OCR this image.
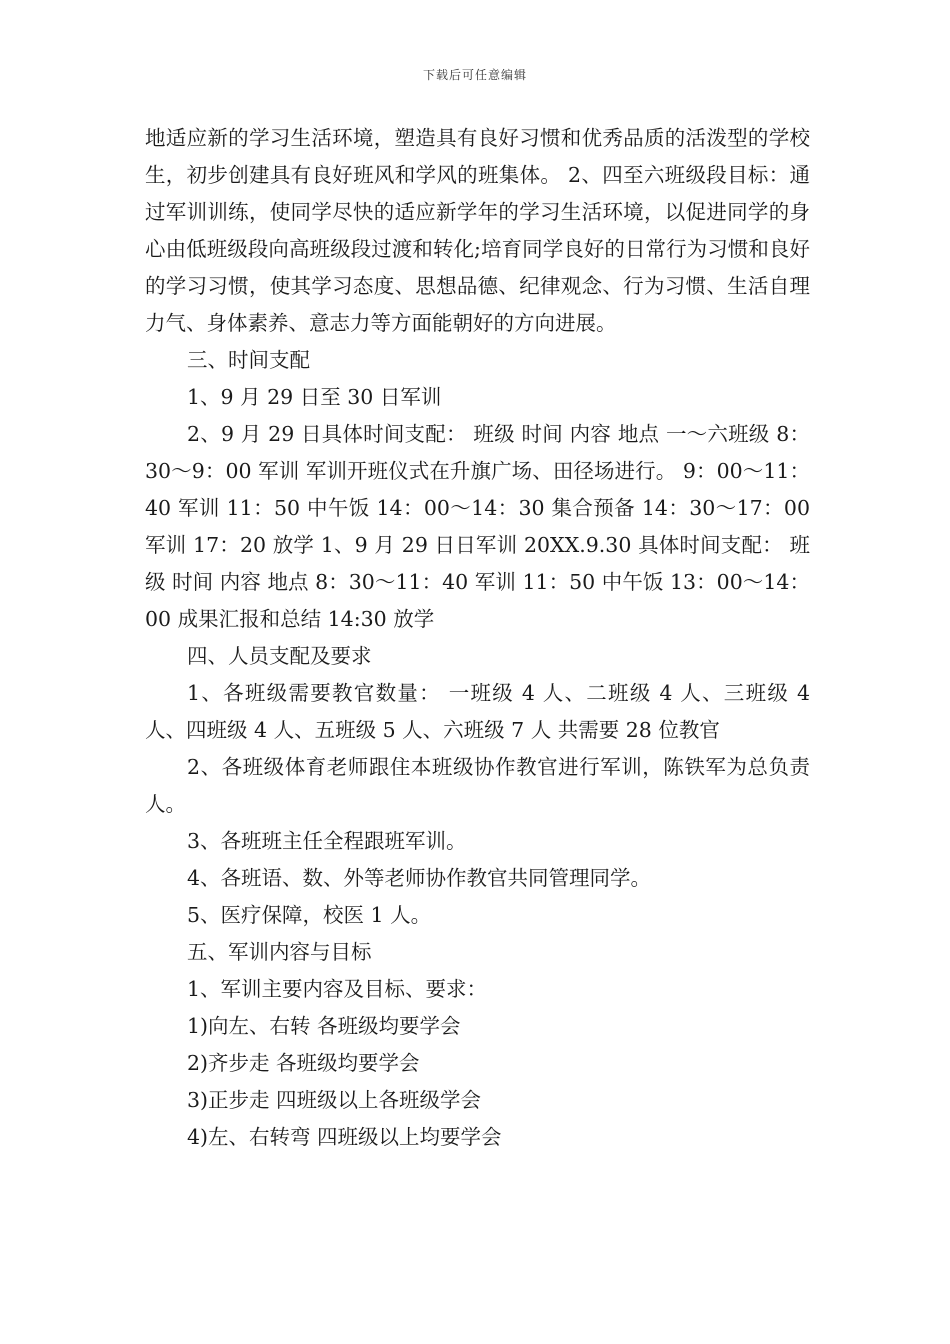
下载后可任意编辑

地适应新的学习生活环境，塑造具有良好习惯和优秀品质的活泼型的学校生，初步创建具有良好班风和学风的班集体。 2、四至六班级段目标：通过军训训练，使同学尽快的适应新学年的学习生活环境，以促进同学的身心由低班级段向高班级段过渡和转化;培育同学良好的日常行为习惯和良好的学习习惯，使其学习态度、思想品德、纪律观念、行为习惯、生活自理力气、身体素养、意志力等方面能朝好的方向进展。

三、时间支配

1、9 月 29 日至 30 日军训

2、9 月 29 日具体时间支配： 班级 时间 内容 地点 一～六班级 8：30～9：00 军训 军训开班仪式在升旗广场、田径场进行。 9：00～11：40 军训 11：50 中午饭 14：00～14：30 集合预备 14：30～17：00 军训 17：20 放学 1、9 月 29 日日军训 20XX.9.30 具体时间支配： 班级 时间 内容 地点 8：30～11：40 军训 11：50 中午饭 13：00～14：00 成果汇报和总结 14:30 放学

四、人员支配及要求

1、各班级需要教官数量： 一班级 4 人、二班级 4 人、三班级 4 人、四班级 4 人、五班级 5 人、六班级 7 人 共需要 28 位教官

2、各班级体育老师跟住本班级协作教官进行军训，陈铁军为总负责人。

3、各班班主任全程跟班军训。

4、各班语、数、外等老师协作教官共同管理同学。

5、医疗保障，校医 1 人。

五、军训内容与目标

1、军训主要内容及目标、要求：

1)向左、右转 各班级均要学会

2)齐步走 各班级均要学会

3)正步走 四班级以上各班级学会

4)左、右转弯 四班级以上均要学会
